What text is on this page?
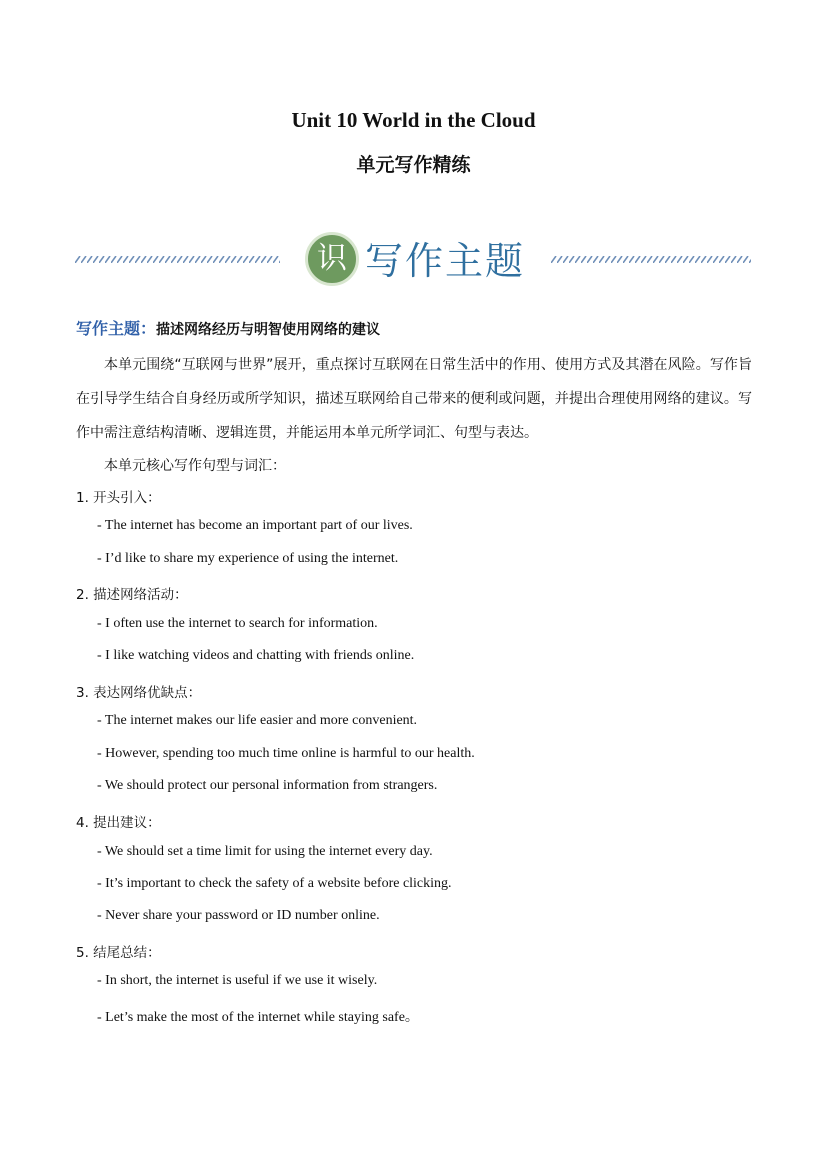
Unit 10 World in the Cloud
单元写作精练
识 写作主题
写作主题：描述网络经历与明智使用网络的建议
本单元围绕“互联网与世界”展开，重点探讨互联网在日常生活中的作用、使用方式及其潜在风险。写作旨在引导学生结合自身经历或所学知识，描述互联网给自己带来的便利或问题，并提出合理使用网络的建议。写作中需注意结构清晰、逻辑连贯，并能运用本单元所学词汇、句型与表达。
本单元核心写作句型与词汇：
1. 开头引入：
- The internet has become an important part of our lives.
- I’d like to share my experience of using the internet.
2. 描述网络活动：
- I often use the internet to search for information.
- I like watching videos and chatting with friends online.
3. 表达网络优缺点：
- The internet makes our life easier and more convenient.
- However, spending too much time online is harmful to our health.
- We should protect our personal information from strangers.
4. 提出建议：
- We should set a time limit for using the internet every day.
- It’s important to check the safety of a website before clicking.
- Never share your password or ID number online.
5. 结尾总结：
- In short, the internet is useful if we use it wisely.
- Let’s make the most of the internet while staying safe。
